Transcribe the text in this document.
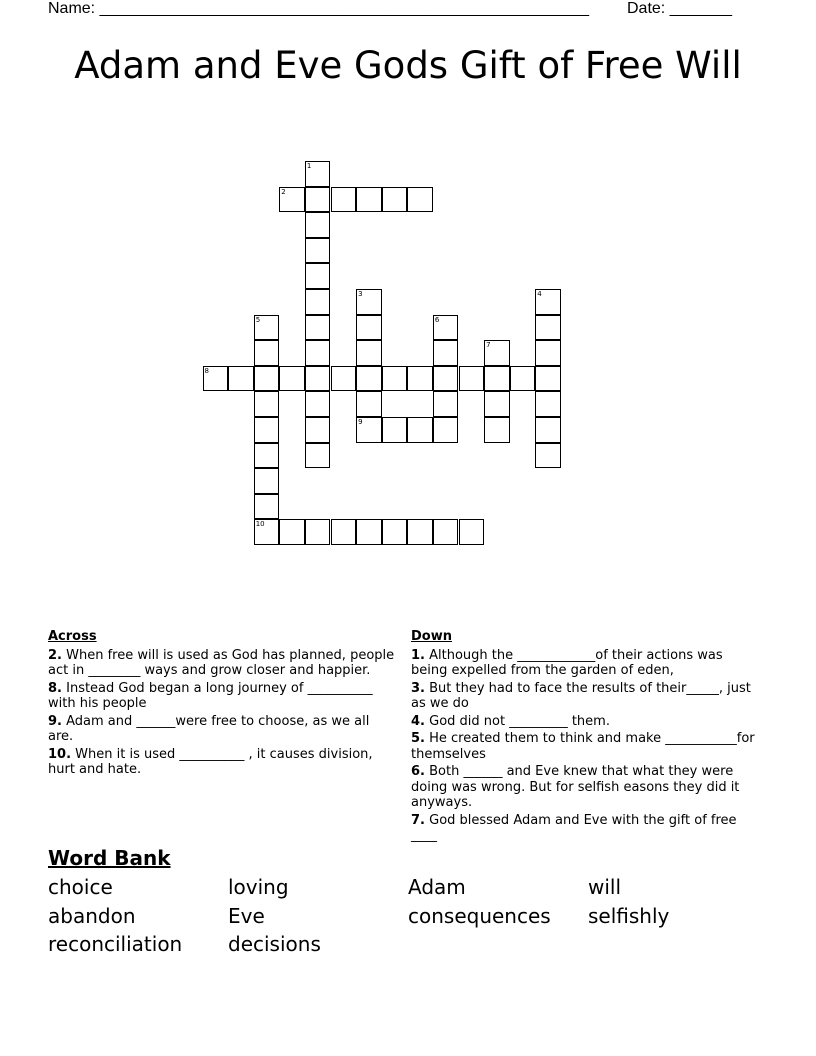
Name: _______________________________________________________ Date: _______
Adam and Eve Gods Gift of Free Will
1
2
3
9
4
5
10
6
7
8
Across
2. When free will is used as God has planned, people act in ________ ways and grow closer and happier.
8. Instead God began a long journey of __________ with his people
9. Adam and ______were free to choose, as we all are.
10. When it is used __________ , it causes division, hurt and hate.
Down
1. Although the ____________of their actions was being expelled from the garden of eden,
3. But they had to face the results of their_____, just as we do
4. God did not _________ them.
5. He created them to think and make ___________for themselves
6. Both ______ and Eve knew that what they were doing was wrong. But for selfish easons they did it anyways.
7. God blessed Adam and Eve with the gift of free ____
Word Bank
choice	loving	Adam	will
abandon	Eve	consequences	selfishly
reconciliation	decisions
